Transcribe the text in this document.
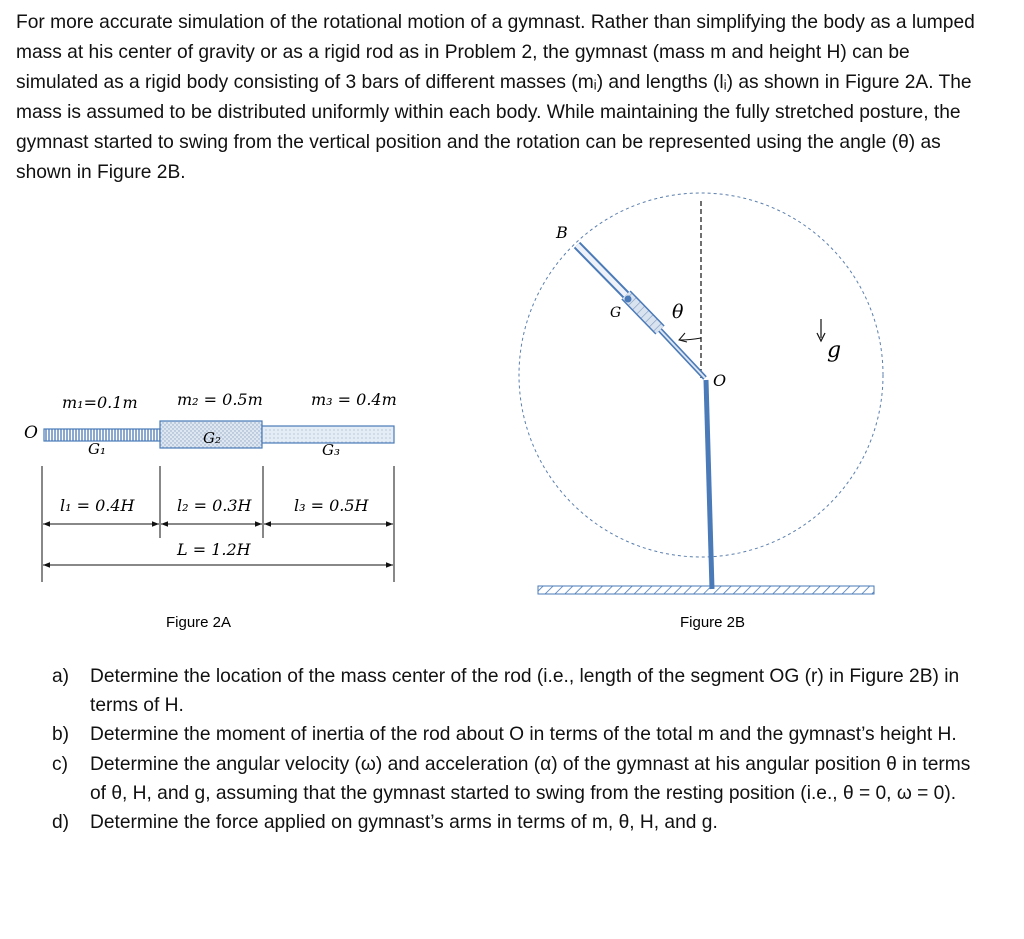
For more accurate simulation of the rotational motion of a gymnast. Rather than simplifying the body as a lumped mass at his center of gravity or as a rigid rod as in Problem 2, the gymnast (mass m and height H) can be simulated as a rigid body consisting of 3 bars of different masses (mᵢ) and lengths (lᵢ) as shown in Figure 2A. The mass is assumed to be distributed uniformly within each body. While maintaining the fully stretched posture, the gymnast started to swing from the vertical position and the rotation can be represented using the angle (θ) as shown in Figure 2B.

O
m₁=0.1m m₂ = 0.5m	m₃ = 0.4m
G₁
G₂
G₃
l₁ = 0.4H	l₂ = 0.3H	l₃ = 0.5H
L = 1.2H
Figure 2A
B
G	θ
O
g
Figure 2B
a) Determine the location of the mass center of the rod (i.e., length of the segment OG (r) in Figure 2B) in terms of H.
b) Determine the moment of inertia of the rod about O in terms of the total m and the gymnast’s height H.
c) Determine the angular velocity (ω) and acceleration (α) of the gymnast at his angular position θ in terms of θ, H, and g, assuming that the gymnast started to swing from the resting position (i.e., θ = 0, ω = 0).
d) Determine the force applied on gymnast’s arms in terms of m, θ, H, and g.
